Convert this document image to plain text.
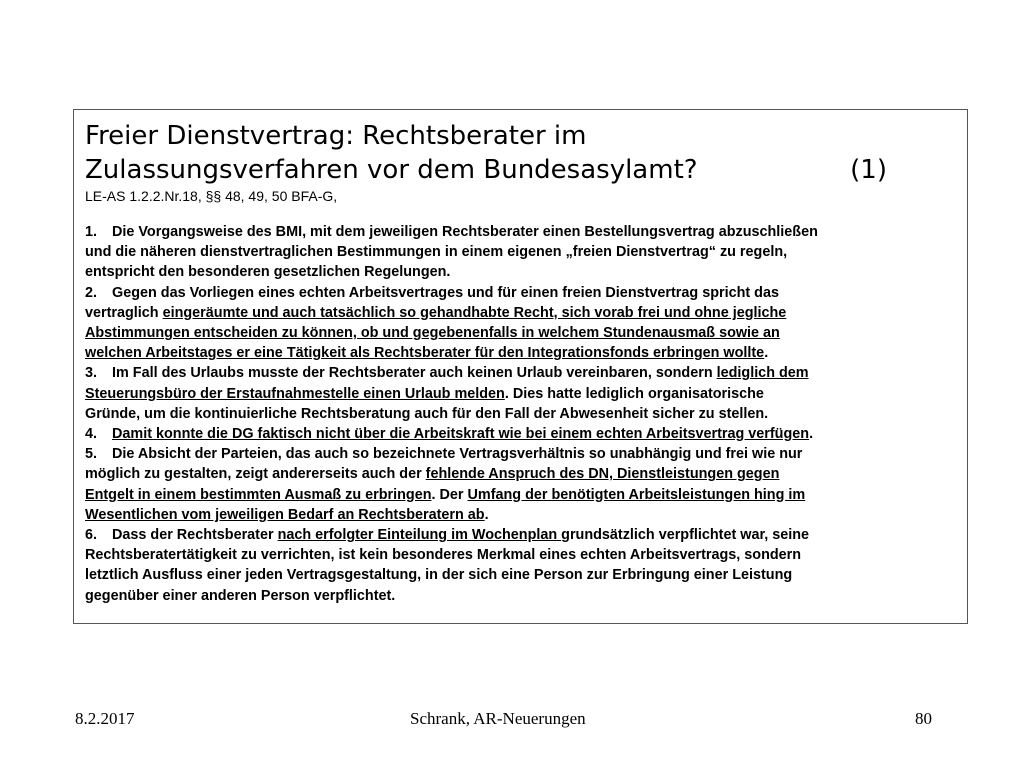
Freier Dienstvertrag: Rechtsberater im
Zulassungsverfahren vor dem Bundesasylamt?	(1)
LE-AS 1.2.2.Nr.18, §§ 48, 49, 50 BFA-G,
1. Die Vorgangsweise des BMI, mit dem jeweiligen Rechtsberater einen Bestellungsvertrag abzuschließen
und die näheren dienstvertraglichen Bestimmungen in einem eigenen „freien Dienstvertrag“ zu regeln,
entspricht den besonderen gesetzlichen Regelungen.
2. Gegen das Vorliegen eines echten Arbeitsvertrages und für einen freien Dienstvertrag spricht das
vertraglich eingeräumte und auch tatsächlich so gehandhabte Recht, sich vorab frei und ohne jegliche
Abstimmungen entscheiden zu können, ob und gegebenenfalls in welchem Stundenausmaß sowie an
welchen Arbeitstages er eine Tätigkeit als Rechtsberater für den Integrationsfonds erbringen wollte.
3. Im Fall des Urlaubs musste der Rechtsberater auch keinen Urlaub vereinbaren, sondern lediglich dem
Steuerungsbüro der Erstaufnahmestelle einen Urlaub melden. Dies hatte lediglich organisatorische
Gründe, um die kontinuierliche Rechtsberatung auch für den Fall der Abwesenheit sicher zu stellen.
4. Damit konnte die DG faktisch nicht über die Arbeitskraft wie bei einem echten Arbeitsvertrag verfügen.
5. Die Absicht der Parteien, das auch so bezeichnete Vertragsverhältnis so unabhängig und frei wie nur
möglich zu gestalten, zeigt andererseits auch der fehlende Anspruch des DN, Dienstleistungen gegen
Entgelt in einem bestimmten Ausmaß zu erbringen. Der Umfang der benötigten Arbeitsleistungen hing im
Wesentlichen vom jeweiligen Bedarf an Rechtsberatern ab.
6. Dass der Rechtsberater nach erfolgter Einteilung im Wochenplan grundsätzlich verpflichtet war, seine
Rechtsberatertätigkeit zu verrichten, ist kein besonderes Merkmal eines echten Arbeitsvertrags, sondern
letztlich Ausfluss einer jeden Vertragsgestaltung, in der sich eine Person zur Erbringung einer Leistung
gegenüber einer anderen Person verpflichtet.
8.2.2017	Schrank, AR-Neuerungen	80
